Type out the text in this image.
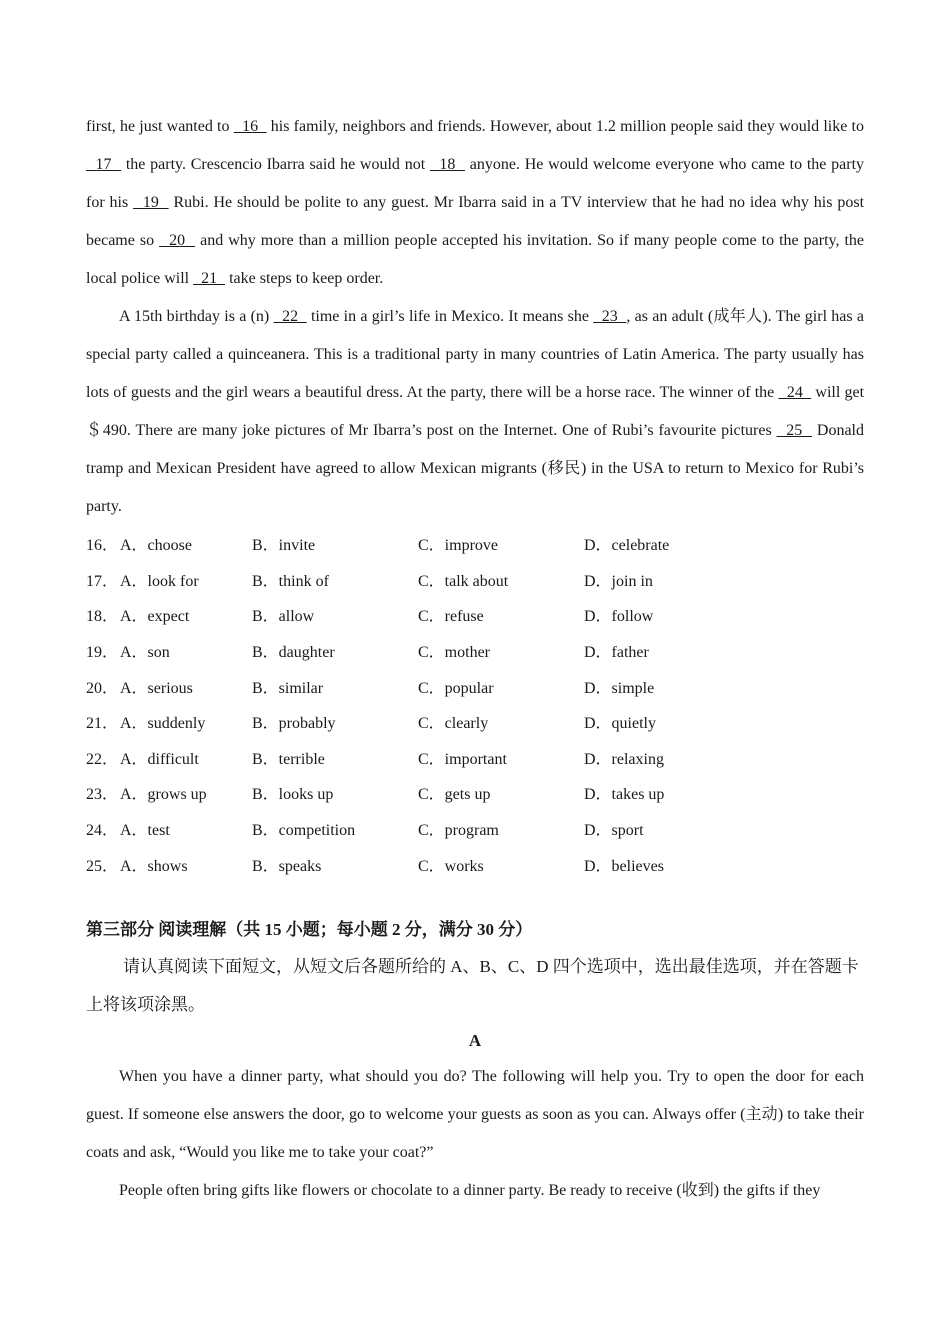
first, he just wanted to   16   his family, neighbors and friends. However, about 1.2 million people said they would like to   17   the party. Crescencio Ibarra said he would not   18   anyone. He would welcome everyone who came to the party for his   19   Rubi. He should be polite to any guest. Mr Ibarra said in a TV interview that he had no idea why his post became so   20   and why more than a million people accepted his invitation. So if many people come to the party, the local police will   21   take steps to keep order.

A 15th birthday is a (n)   22   time in a girl’s life in Mexico. It means she   23  , as an adult (成年人). The girl has a special party called a quinceanera. This is a traditional party in many countries of Latin America. The party usually has lots of guests and the girl wears a beautiful dress. At the party, there will be a horse race. The winner of the   24   will get ＄490. There are many joke pictures of Mr Ibarra’s post on the Internet. One of Rubi’s favourite pictures   25   Donald tramp and Mexican President have agreed to allow Mexican migrants (移民) in the USA to return to Mexico for Rubi’s party.

16． A．choose	B．invite	C．improve	D．celebrate
17． A．look for	B．think of	C．talk about	D．join in
18． A．expect	B．allow	C．refuse	D．follow
19． A．son	B．daughter	C．mother	D．father
20． A．serious	B．similar	C．popular	D．simple
21． A．suddenly	B．probably	C．clearly	D．quietly
22． A．difficult	B．terrible	C．important	D．relaxing
23． A．grows up	B．looks up	C．gets up	D．takes up
24． A．test	B．competition	C．program	D．sport
25． A．shows	B．speaks	C．works	D．believes
第三部分 阅读理解（共 15 小题；每小题 2 分，满分 30 分）

请认真阅读下面短文，从短文后各题所给的 A、B、C、D 四个选项中，选出最佳选项，并在答题卡上将该项涂黑。

A

When you have a dinner party, what should you do? The following will help you. Try to open the door for each guest. If someone else answers the door, go to welcome your guests as soon as you can. Always offer (主动) to take their coats and ask, “Would you like me to take your coat?”

People often bring gifts like flowers or chocolate to a dinner party. Be ready to receive (收到) the gifts if they
